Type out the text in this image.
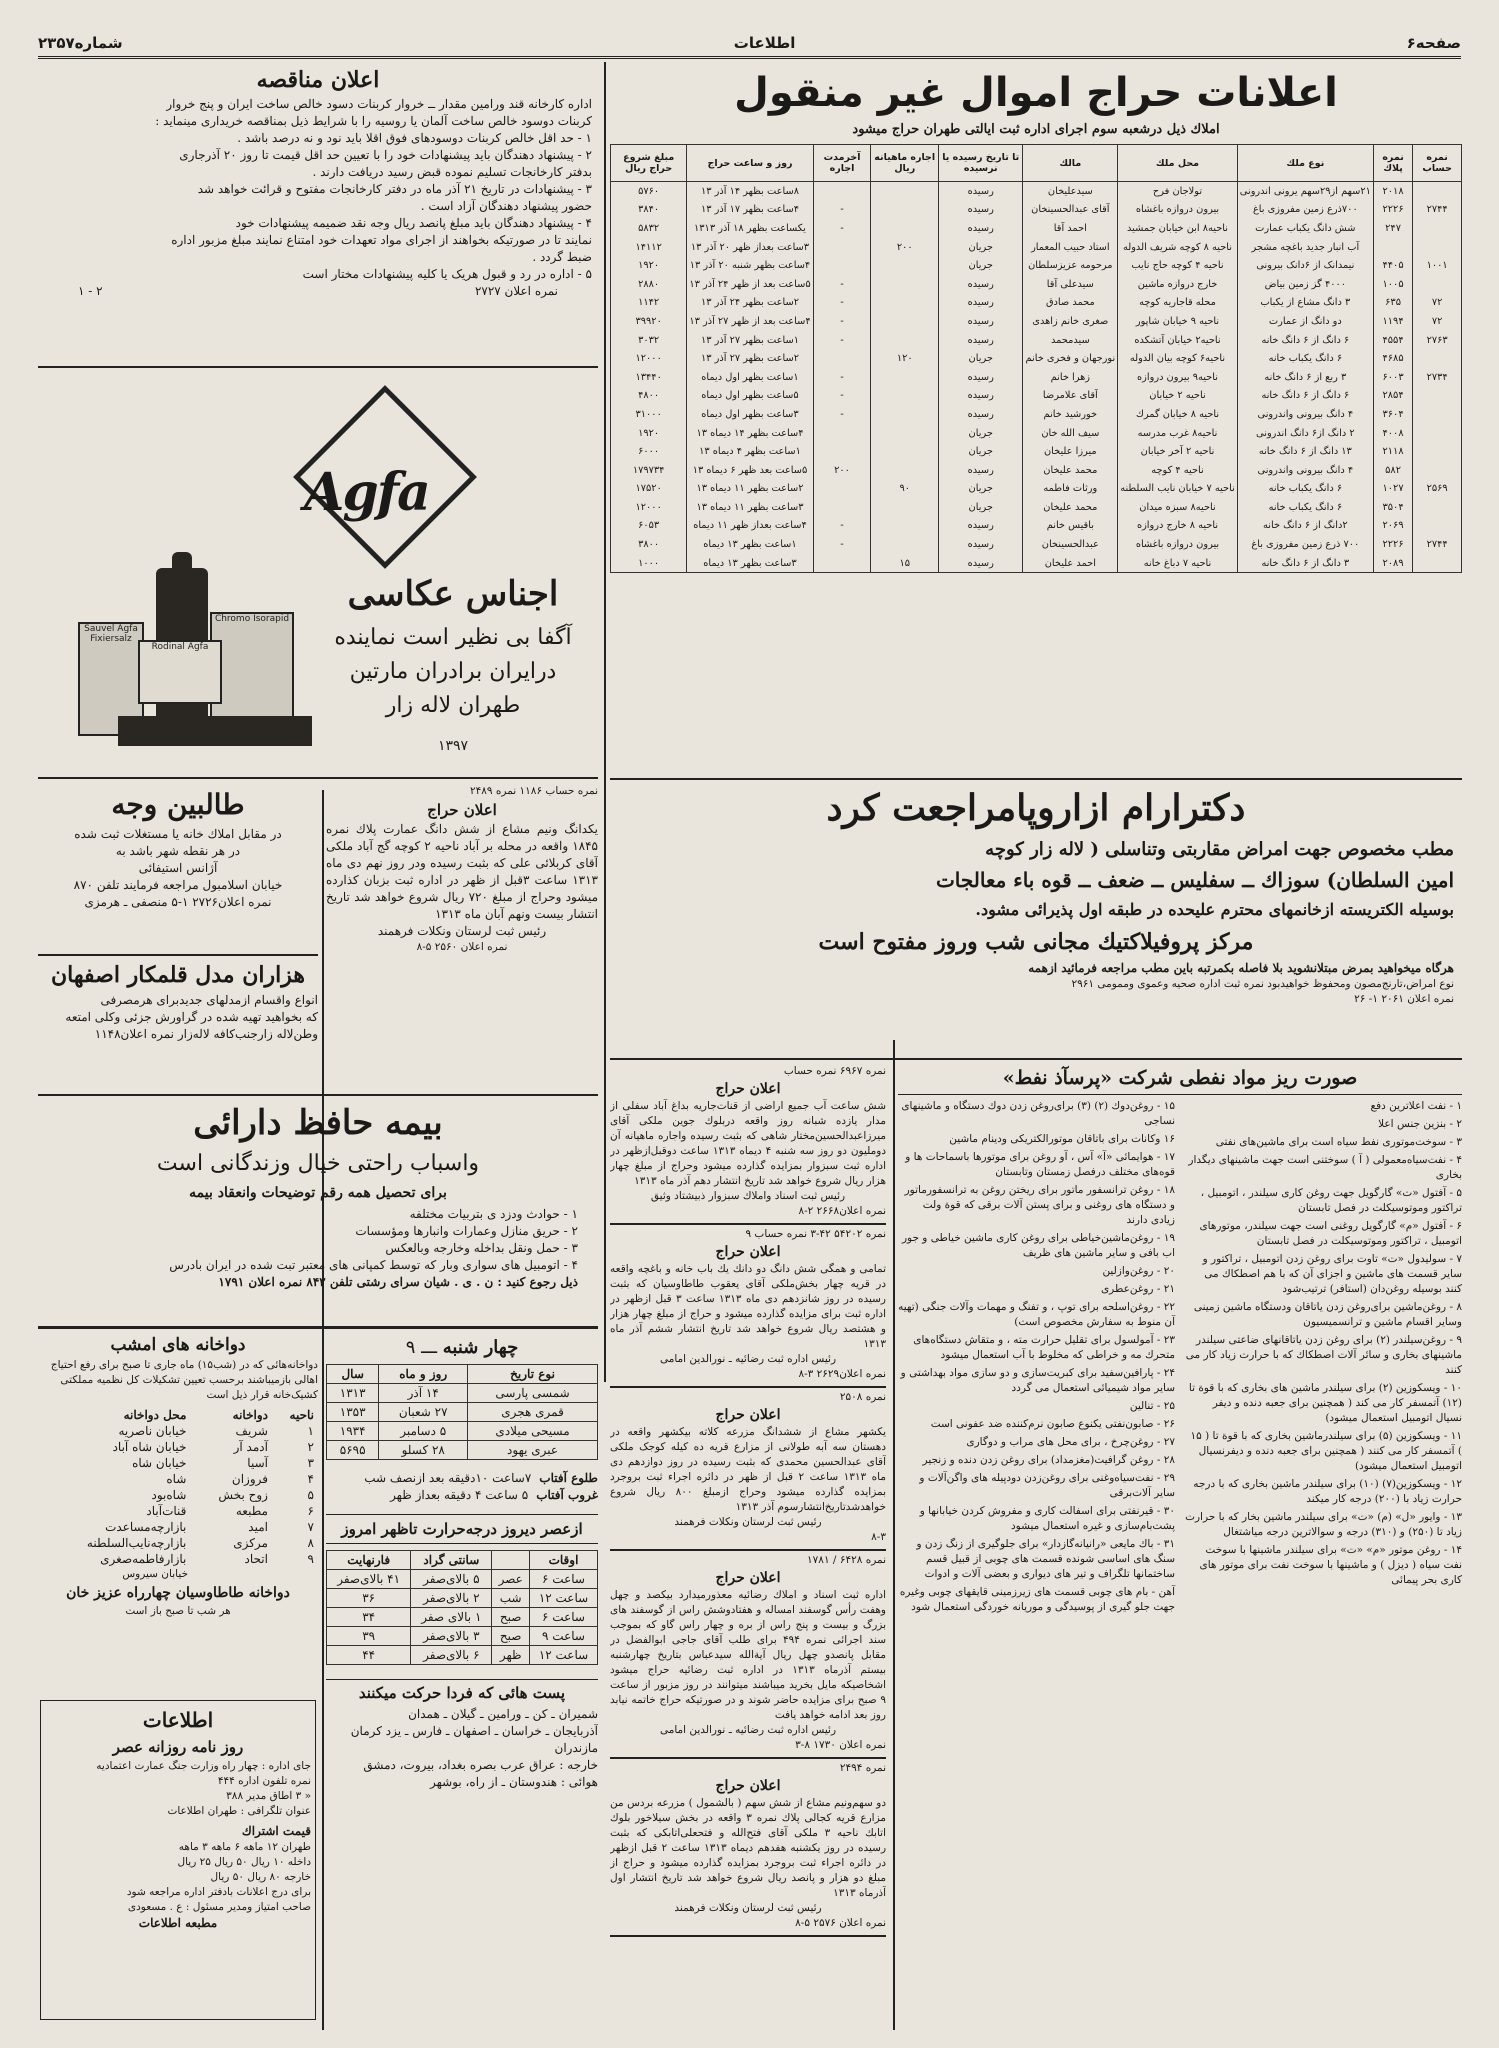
صفحه۶
اطلاعات
شماره۲۳۵۷
اعلانات حراج اموال غیر منقول
املاك ذیل درشعبه سوم اجرای اداره ثبت ایالتی طهران حراج میشود
نمره حساب	نمره پلاك	نوع ملك	محل ملك	مالك	تا تاریخ رسیده یا نرسیده	اجاره ماهیانه ریال	آخرمدت اجاره	روز و ساعت حراج	مبلغ شروع حراج ریال
	۲۰۱۸	۲۱سهم از۲۹سهم یرونی اندرونی	تولاجان فرح	سیدعلیخان	رسیده			۸ساعت بظهر ۱۴ آذر ۱۳	۵۷۶۰
۲۷۴۴	۲۲۲۶	۷۰۰ذرع زمین مفروزی باغ	بیرون دروازه باغشاه	آقای عبدالحسینخان	رسیده		-	۴ساعت بظهر ۱۷ آذر ۱۳	۳۸۴۰
	۲۴۷	شش دانگ یکباب عمارت	ناحیه۸ ابن خیابان جمشید	احمد آقا	رسیده		-	یکساعت بظهر ۱۸ آذر ۱۳۱۳	۵۸۳۲
		آب انبار جدید باغچه مشجر	ناحیه ۸ کوچه شریف الدوله	استاد حبیب المعمار	جریان	۲۰۰		۳ساعت بعداز ظهر ۲۰ آذر ۱۳	۱۴۱۱۲
۱۰۰۱	۴۴۰۵	نیمدانک از ۶دانک بیرونی	ناحیه ۴ کوچه حاج نایب	مرحومه عزیزسلطان	جریان			۴ساعت بظهر شنبه ۲۰ آذر ۱۳	۱۹۲۰
	۱۰۰۵	۴۰۰۰ گز زمین بیاض	خارج دروازه ماشین	سیدعلی آقا	رسیده		-	۵ساعت بعد از ظهر ۲۴ آذر ۱۳	۲۸۸۰
۷۲	۶۳۵	۳ دانگ مشاع از یکباب	محله قاجاریه کوچه	محمد صادق	رسیده		-	۲ساعت بظهر ۲۴ آذر ۱۳	۱۱۴۲
۷۲	۱۱۹۴	دو دانگ از عمارت	ناحیه ۹ خیابان شاپور	صغری خانم زاهدی	رسیده		-	۴ساعت بعد از ظهر ۲۷ آذر ۱۳	۳۹۹۲۰
۲۷۶۳	۴۵۵۴	۶ دانگ از ۶ دانگ خانه	ناحیه۲ خیابان آتشکده	سیدمحمد	رسیده		-	۱ساعت بظهر ۲۷ آذر ۱۳	۳۰۳۲
	۴۶۸۵	۶ دانگ یکباب خانه	ناحیه۶ کوچه بیان الدوله	نورجهان و فخری خانم	جریان	۱۲۰		۲ساعت بظهر ۲۷ آذر ۱۳	۱۲۰۰۰
۲۷۳۴	۶۰۰۳	۳ ربع از ۶ دانگ خانه	ناحیه۹ بیرون دروازه	زهرا خانم	رسیده		-	۱ساعت بظهر اول دیماه	۱۳۴۴۰
	۲۸۵۴	۶ دانگ از ۶ دانگ خانه	ناحیه ۲ خیابان	آقای علامرضا	رسیده		-	۵ساعت بظهر اول دیماه	۴۸۰۰
	۳۶۰۴	۴ دانگ بیرونی واندرونی	ناحیه ۸ خیابان گمرك	خورشید خانم	رسیده		-	۳ساعت بظهر اول دیماه	۳۱۰۰۰
	۴۰۰۸	۲ دانگ از۶ دانگ اندرونی	ناحیه۸ غرب مدرسه	سیف الله خان	جریان			۴ساعت بظهر ۱۴ دیماه ۱۳	۱۹۲۰
	۲۱۱۸	۱۳ دانگ از ۶ دانگ خانه	ناحیه ۲ آخر خیابان	میرزا علیخان	جریان			۱ساعت بظهر ۴ دیماه ۱۳	۶۰۰۰
	۵۸۲	۴ دانگ بیرونی واندرونی	ناحیه ۴ کوچه	محمد علیخان	رسیده		۲۰۰	۵ساعت بعد ظهر ۶ دیماه ۱۳	۱۷۹۷۳۴
۲۵۶۹	۱۰۲۷	۶ دانگ یکباب خانه	ناحیه ۷ خیابان نایب السلطنه	ورثات فاطمه	جریان	۹۰		۲ساعت بظهر ۱۱ دیماه ۱۳	۱۷۵۲۰
	۳۵۰۴	۶ دانگ یکباب خانه	ناحیه۸ سبزه میدان	محمد علیخان	جریان			۳ساعت بظهر ۱۱ دیماه ۱۳	۱۲۰۰۰
	۲۰۶۹	۲دانگ از ۶ دانگ خانه	ناحیه ۸ خارج دروازه	باقیس خانم	رسیده		-	۴ساعت بعداز ظهر ۱۱ دیماه	۶۰۵۳
۲۷۴۴	۲۲۲۶	۷۰۰ ذرع زمین مفروزی باغ	بیرون دروازه باغشاه	عبدالحسینخان	رسیده		-	۱ساعت بظهر ۱۳ دیماه	۳۸۰۰
	۲۰۸۹	۳ دانگ از ۶ دانگ خانه	ناحیه ۷ دباغ خانه	احمد علیخان	رسیده	۱۵		۳ساعت بظهر ۱۳ دیماه	۱۰۰۰
اعلان مناقصه
اداره کارخانه قند ورامین مقدار ــ خروار کربنات دسود خالص ساخت ایران و پنج خروار
کربنات دوسود خالص ساخت آلمان یا روسیه را با شرایط ذیل بمناقصه خریداری مینماید :
۱ - حد اقل خالص کربنات دوسودهای فوق اقلا باید نود و نه درصد باشد .
۲ - پیشنهاد دهندگان باید پیشنهادات خود را با تعیین حد اقل قیمت تا روز ۲۰ آذرجاری
بدفتر کارخانجات تسلیم نموده قبض رسید دریافت دارند .
۳ - پیشنهادات در تاریخ ۲۱ آذر ماه در دفتر کارخانجات مفتوح و قرائت خواهد شد
حضور پیشنهاد دهندگان آزاد است .
۴ - پیشنهاد دهندگان باید مبلغ پانصد ریال وجه نقد ضمیمه پیشنهادات خود
نمایند تا در صورتیکه بخواهند از اجرای مواد تعهدات خود امتناع نمایند مبلغ مزبور اداره
ضبط گردد .
۵ - اداره در رد و قبول هریک یا کلیه پیشنهادات مختار است
نمره اعلان ۲۷۲۷
۲ - ۱
Agfa
اجناس عکاسی
آگفا بی نظیر است نماینده
درایران برادران مارتین
طهران لاله زار
۱۳۹۷
Sauvel Agfa Fixiersalz
Chromo Isorapid
Rodinal Agfa
دکترارام ازاروپامراجعت کرد
مطب مخصوص جهت امراض مقاربتی وتناسلی ( لاله زار کوچه
امین السلطان) سوزاك ــ سفلیس ــ ضعف ــ قوه باء معالجات
بوسیله الکتریسته ازخانمهای محترم علیحده در طبقه اول پذیرائی مشود.
مرکز پروفیلاکتیك مجانی شب وروز مفتوح است
هرگاه میخواهید بمرض مبتلانشوید بلا فاصله بکمرتبه باین مطب مراجعه فرمائید ازهمه
نوع امراض،تارنج‌مصون ومحفوظ خواهیدبود نمره ثبت اداره صحیه وعموی وممومی ۲۹۶۱
نمره اعلان ۲۰۶۱ ۱- ۲۶
نمره ۶۹۶۷ نمره حساب
اعلان حراج
شش ساعت آب جمیع اراضی از قنات‌جاریه بداغ آباد سفلی از مدار یازده شبانه روز واقعه دربلوك جوین ملکی آقای میرزاعبدالحسین‌مختار شاهی که بثبت رسیده واجاره ماهیانه آن دوملیون دو روز سه شنبه ۴ دیماه ۱۳۱۳ ساعت دوقبل‌ازظهر در اداره ثبت سبزوار بمزایده گذارده میشود وحراج از مبلغ چهار هزار ریال شروع خواهد شد تاریخ انتشار دهم آذر ماه ۱۳۱۳
رئیس ثبت اسناد واملاك سبزوار ذبیشتاد وثیق
نمره اعلان۲۶۶۸ ۲-۸
نمره ۵۴۲۰۲ ۴۲-۳ نمره حساب ۹
اعلان حراج
تمامی و همگی شش دانگ دو دانك یك باب خانه و باغچه واقعه در قریه چهار بخش‌ملکی آقای یعقوب طاطاوسیان که بثبت رسیده در روز شانزدهم دی ماه ۱۳۱۳ ساعت ۳ قبل ازظهر در اداره ثبت برای مزایده گذارده میشود و حراج از مبلغ چهار هزار و هشتصد ریال شروع خواهد شد تاریخ انتشار ششم آذر ماه ۱۳۱۳
رئیس اداره ثبت رضائیه ـ نورالدین امامی
نمره اعلان۲۶۲۹ ۳-۸
نمره ۲۵۰۸
اعلان حراج
یکشهر مشاع از ششدانگ مزرعه کلاته بیکشهر واقعه در دهستان سه آبه طولانی از مزارع قریه ده کیله کوجک ملکی آقای عبدالحسین محمدی که بثبت رسیده در روز دوازدهم دی ماه ۱۳۱۳ ساعت ۲ قبل از ظهر در دائره اجراء ثبت بروجرد بمزایده گذارده میشود وحراج ازمبلغ ۸۰۰ ریال شروع خواهدشدتاریخ‌انتشارسوم آذر ۱۳۱۳
رئیس ثبت لرستان ونکلات فرهمند
۸-۳
نمره ۶۴۲۸ / ۱۷۸۱
اعلان حراج
اداره ثبت اسناد و املاك رضائیه معذورمیدارد بیکصد و چهل وهفت رأس گوسفند امساله و هفتادوشش راس از گوسفند های بزرگ و بیست و پنج راس از بره و چهار راس گاو که بموجب سند اجرائی نمره ۴۹۴ برای طلب آقای جاجی ابوالفضل در مقابل پانصدو چهل ریال آیة‌الله سیدعباس بتاریخ چهارشنبه بیستم آذرماه ۱۳۱۳ در اداره ثبت رضائیه حراج میشود اشخاصیکه مایل بخرید میباشند میتوانند در روز مزبور از ساعت ۹ صبح برای مزایده حاضر شوند و در صورتیکه حراج خاتمه نیابد روز بعد ادامه خواهد یافت
رئیس اداره ثبت رضائیه ـ نورالدین امامی
نمره اعلان ۱۷۳۰ ۸-۳
نمره ۲۴۹۴
اعلان حراج
دو سهم‌ونیم مشاع از شش سهم ( بالشمول ) مزرعه بردس من مزارع قریه کجالی پلاك نمره ۳ واقعه در بخش سیلاخور بلوك اتابك ناحیه ۳ ملکی آقای فتح‌الله و فتحعلی‌اتابکی که بثبت رسیده در روز یکشنبه هفدهم دیماه ۱۳۱۳ ساعت ۲ قبل ازظهر در دائره اجراء ثبت بروجرد بمزایده گذارده میشود و حراج از مبلغ دو هزار و پانصد ریال شروع خواهد شد تاریخ انتشار اول آذرماه ۱۳۱۳
رئیس ثبت لرستان ونکلات فرهمند
نمره اعلان ۲۵۷۶ ۵-۸
صورت ریز مواد نفطی شرکت «پرسآذ نفط»
۱ - نفت اعلا‌ترین دفع
۲ - بنزین جنس اعلا
۳ - سوخت‌موتوری نفط سیاه است برای ماشین‌های نفتی
۴ - نفت‌سیاه‌معمولی ( آ ) سوختنی است جهت ماشینهای دیگدار بخاری
۵ - آفتول «ت» گارگویل جهت روغن کاری سیلندر ، اتومبیل ، تراکتور وموتوسیکلت در فصل تابستان
۶ - آفتول «م» گارگویل روغنی است جهت سیلندر، موتورهای اتومبیل ، تراکتور وموتوسیکلت در فصل تابستان
۷ - سولیدول «ت» تاوت برای روغن زدن اتومبیل ، تراکتور و سایر قسمت های ماشین و اجزای آن که با هم اصطکاك می کنند بوسیله روغن‌دان (استافر) ترتیب‌شود
۸ - روغن‌ماشین برای‌روغن زدن یاتاقان ودستگاه ماشین زمینی وسایر اقسام ماشین و ترانسمیسیون
۹ - روغن‌سیلندر (۲) برای روغن زدن یاتاقانهای ضاعتی سیلندر ماشینهای بخاری و سائر آلات اصطکاك که با حرارت زیاد کار می کنند
۱۰ - ویسکوزین (۲) برای سیلندر ماشین های بخاری که با قوة تا (۱۲) آتمسفر کار می کند ( همچنین برای جعبه دنده و دیفر نسیال اتومبیل استعمال میشود)
۱۱ - ویسکوزین (۵) برای سیلندرماشین بخاری که با قوة تا ( ۱۵ ) آتمسفر کار می کنند ( همچنین برای جعبه دنده و دیفرنسیال اتومبیل استعمال میشود)
۱۲ - ویسکوزین(۷) (۱۰) برای سیلندر ماشین بخاری که با درجه حرارت زیاد با (۲۰۰) درجه کار میکند
۱۳ - وایور «ل» (م) «ت» برای سیلندر ماشین بخار که با حرارت زیاد تا (۲۵۰) و (۳۱۰) درجه و سوالا‌ترین درجه میاشتغال
۱۴ - روغن موتور «م» «ت» برای سیلندر ماشینها با سوخت نفت سیاه ( دیزل ) و ماشینها با سوخت نفت برای موتور های کاری بحر پیمائی
۱۵ - روغن‌دوك (۲) (۳) برای‌روغن زدن دوك دستگاه و ماشینهای نساجی
۱۶ وکانات برای باتاقان موتورالکتریکی ودینام ماشین
۱۷ - هوایمائی «آ» آس ، آو روغن برای موتورها باسماحات ها و قوه‌های مختلف درفصل زمستان وتابستان
۱۸ - روغن ترانسفور ماتور برای ریختن روغن به ترانسفورماتور و دستگاه های روغنی و برای پستن آلات برقی که قوة ولت زیادی دارند
۱۹ - روغن‌ماشین‌خیاطی برای روغن کاری ماشین خیاطی و جور اب بافی و سایر ماشین های ظریف
۲۰ - روغن‌وازلین
۲۱ - روغن‌عطری
۲۲ - روغن‌اسلحه برای توپ ، و تفنگ و مهمات وآلات جنگی (تهیه آن منوط به سفارش مخصوص است)
۲۳ - آمولسول برای تقلیل حرارت مته ، و متقاش دستگاه‌های متحرك مه و خراطی که مخلوط با آب استعمال میشود
۲۴ - پارافین‌سفید برای کبریت‌سازی و دو سازی مواد بهداشتی و سایر مواد شیمیائی استعمال می گردد
۲۵ - تنالین
۲۶ - صابون‌نفتی یکنوع صابون نرم‌کننده ضد عفونی است
۲۷ - روغن‌چرخ ، برای محل های مراب و دوگاری
۲۸ - روغن گرافیت(مغزمداد) برای روغن زدن دنده و زنجیر
۲۹ - نفت‌سیاه‌و‌غنی برای روغن‌زدن دودپیله های واگن‌آلات و سایر آلات‌برقی
۳۰ - قیرنفتی برای اسفالت کاری و مفروش کردن خیابانها و پشت‌بام‌سازی و غیره استعمال میشود
۳۱ - باك مایعی «رانیانه‌گازدار» برای جلوگیری از زنگ زدن و سنگ های اساسی شونده قسمت های چوبی از قبیل قسم ساختمانها تلگراف و تیر های دیواری و بعضی آلات و ادوات
آهن - بام های چوبی قسمت های زیرزمینی قایقهای چوبی وغیره جهت جلو گیری از پوسیدگی و موریانه خوردگی استعمال شود
نمره حساب ۱۱۸۶ نمره ۲۴۸۹
اعلان حراج
یکدانگ ونیم مشاع از شش دانگ عمارت پلاك نمره ۱۸۴۵ واقعه در محله بر آباد ناحیه ۲ کوچه گج آباد ملکی آقای کربلائی علی که بثبت رسیده ودر روز نهم دی ماه ۱۳۱۳ ساعت ۳قبل از ظهر در اداره ثبت بزبان کذارده میشود وحراج از مبلغ ۷۲۰ ریال شروع خواهد شد تاریخ انتشار بیست ونهم آبان ماه ۱۳۱۳
رئیس ثبت لرستان ونکلات فرهمند
نمره اعلان ۲۵۶۰ ۵-۸
طالبین وجه
در مقابل املاك خانه یا مستغلات ثبت شده
در هر نقطه شهر باشد به
آژانس استیفائی
خیابان اسلامبول مراجعه فرمایند تلفن ۸۷۰
نمره اعلان۲۷۲۶ ۱-۵ منصفی ـ هرمزی
هزاران مدل قلمکار اصفهان
انواع واقسام ازمدلهای جدیدبرای هرمصرفی
که بخواهید تهیه شده در گراورش جزئی وکلی امتعه
وطن‌لاله زار‌جنب‌کافه لاله‌زار نمره اعلان۱۱۴۸
بیمه حافظ دارائی
واسباب راحتی خیال وزندگانی است
برای تحصیل همه رقم توضیحات وانعقاد بیمه
۱ - حوادث ودزد ی بتربیات مختلفه
۲ - حریق منازل وعمارات وانبارها ومؤسسات
۳ - حمل ونقل بداخله وخارجه وبالعکس
۴ - اتومبیل های سواری وبار که توسط کمپانی های معتبر تبت شده در ایران بادرس
ذیل رجوع کنید : ن . ی . شیان سرای رشتی تلفن ۸۴۲ نمره اعلان ۱۷۹۱
دواخانه های امشب
دواخانه‌هائی که در (شب۱۵) ماه جاری تا صبح برای رفع احتیاج اهالی بازمیباشند برحسب تعیین تشکیلات کل نظمیه مملکتی کشیک‌خانه قرار ذیل است
ناحیه	دواخانه	محل دواخانه
۱	شریف	خیابان ناصریه
۲	آدمد آر	خیابان شاه آباد
۳	آسیا	خیابان شاه
۴	فروزان	شاه
۵	زوح بخش	شاه‌بود
۶	مطبعه	قنات‌آباد
۷	امید	بازار‌چه‌مساعدت
۸	مرکزی	بازار‌چه‌نایب‌السلطنه
۹	اتحاد	بازار‌فاطمه‌صغری
خیابان سیروس
دواخانه طاطاوسیان چهارراه عزیز خان
هر شب تا صبح باز است
اطلاعات
روز نامه روزانه عصر
جای اداره : چهار راه وزارت جنگ عمارت اعتمادیه
نمره تلفون اداره ۴۴۴
« ۳ اطاق مدیر ۳۸۸
عنوان تلگرافی : طهران اطلاعات
قیمت اشتراك
طهران ۱۲ ماهه ۶ ماهه ۳ ماهه
داخله ۱۰ ریال ۵۰ ریال ۲۵ ریال
خارجه ۸۰ ریال ۵۰ ریال
برای درج اعلانات بادفتر اداره مراجعه شود
صاحب امتیاز ومدیر مسئول : ع . مسعودی
مطبعه اطلاعات
چهار شنبه ـــ ۹
نوع تاریخ	روز و ماه	سال
شمسی پارسی	۱۴ آذر	۱۳۱۳
قمری هجری	۲۷ شعبان	۱۳۵۳
مسیحی میلادی	۵ دسامبر	۱۹۳۴
عبری یهود	۲۸ کسلو	۵۶۹۵
طلوع آفتاب
۷ساعت ۱۰دقیقه بعد ازنصف شب
غروب آفتاب
۵ ساعت ۴ دقیقه بعداز ظهر
ازعصر دیروز درجه‌حرارت تاظهر امروز
اوقات		سانتی گراد	فارنهایت
ساعت ۶	عصر	۵ بالای‌صفر	۴۱ بالای‌صفر
ساعت ۱۲	شب	۲ بالای‌صفر	۳۶
ساعت ۶	صبح	۱ بالای صفر	۳۴
ساعت ۹	صبح	۳ بالای‌صفر	۳۹
ساعت ۱۲	ظهر	۶ بالای‌صفر	۴۴
پست هائی که فردا حرکت میکنند
شمیران ـ کن ـ ورامین ـ گیلان ـ همدان
آذربایجان ـ خراسان ـ اصفهان ـ فارس ـ یزد کرمان
مازندران
خارجه : عراق عرب بصره بغداد، بیروت، دمشق
هوائی : هندوستان ـ از راه، بوشهر
